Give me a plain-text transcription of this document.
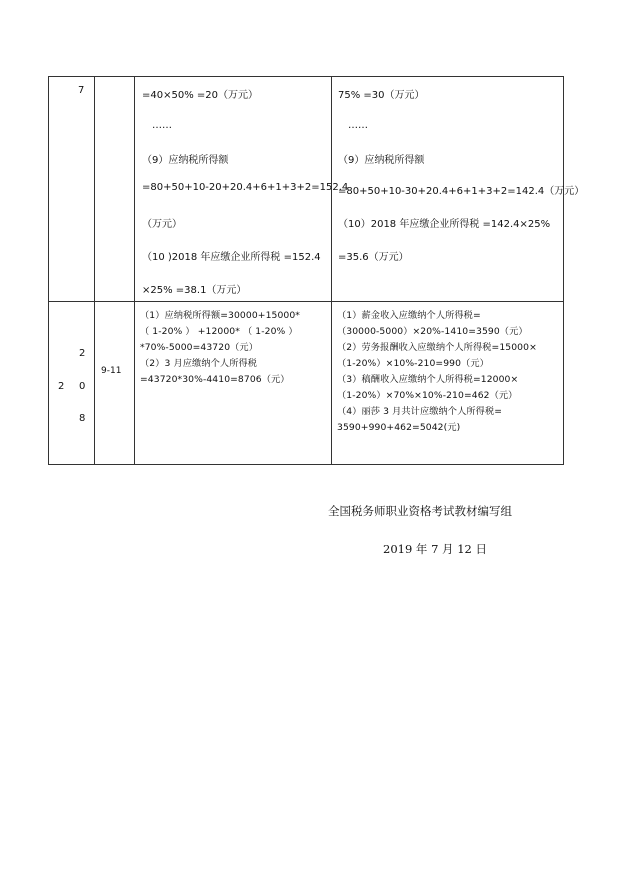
7	=40×50% =20（万元）
……
（9）应纳税所得额
=80+50+10-20+20.4+6+1+3+2=152.4
（万元）
（10 )2018 年应缴企业所得税 =152.4
×25% =38.1（万元）
75% =30（万元）
……
（9）应纳税所得额
=80+50+10-30+20.4+6+1+3+2=142.4（万元）
（10）2018 年应缴企业所得税 =142.4×25%
=35.6（万元）
2
0
8
2
9-11
（1）应纳税所得额=30000+15000*
（ 1-20% ） +12000* （ 1-20% ）
*70%-5000=43720（元）
（2）3 月应缴纳个人所得税
=43720*30%-4410=8706（元）
（1）薪金收入应缴纳个人所得税=
（30000-5000）×20%-1410=3590（元）
（2）劳务报酬收入应缴纳个人所得税=15000×
（1-20%）×10%-210=990（元）
（3）稿酬收入应缴纳个人所得税=12000×
（1-20%）×70%×10%-210=462（元）
（4）丽莎 3 月共计应缴纳个人所得税=
3590+990+462=5042(元)
全国税务师职业资格考试教材编写组
2019 年 7 月 12 日
